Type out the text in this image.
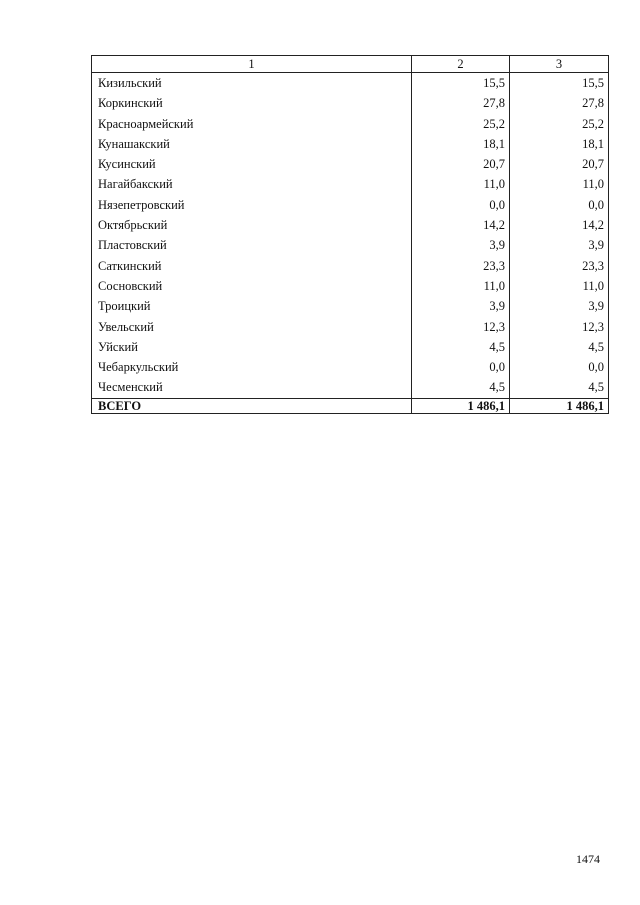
1	2	3
Кизильский	15,5	15,5
Коркинский	27,8	27,8
Красноармейский	25,2	25,2
Кунашакский	18,1	18,1
Кусинский	20,7	20,7
Нагайбакский	11,0	11,0
Нязепетровский	0,0	0,0
Октябрьский	14,2	14,2
Пластовский	3,9	3,9
Саткинский	23,3	23,3
Сосновский	11,0	11,0
Троицкий	3,9	3,9
Увельский	12,3	12,3
Уйский	4,5	4,5
Чебаркульский	0,0	0,0
Чесменский	4,5	4,5
ВСЕГО	1 486,1	1 486,1
1474
